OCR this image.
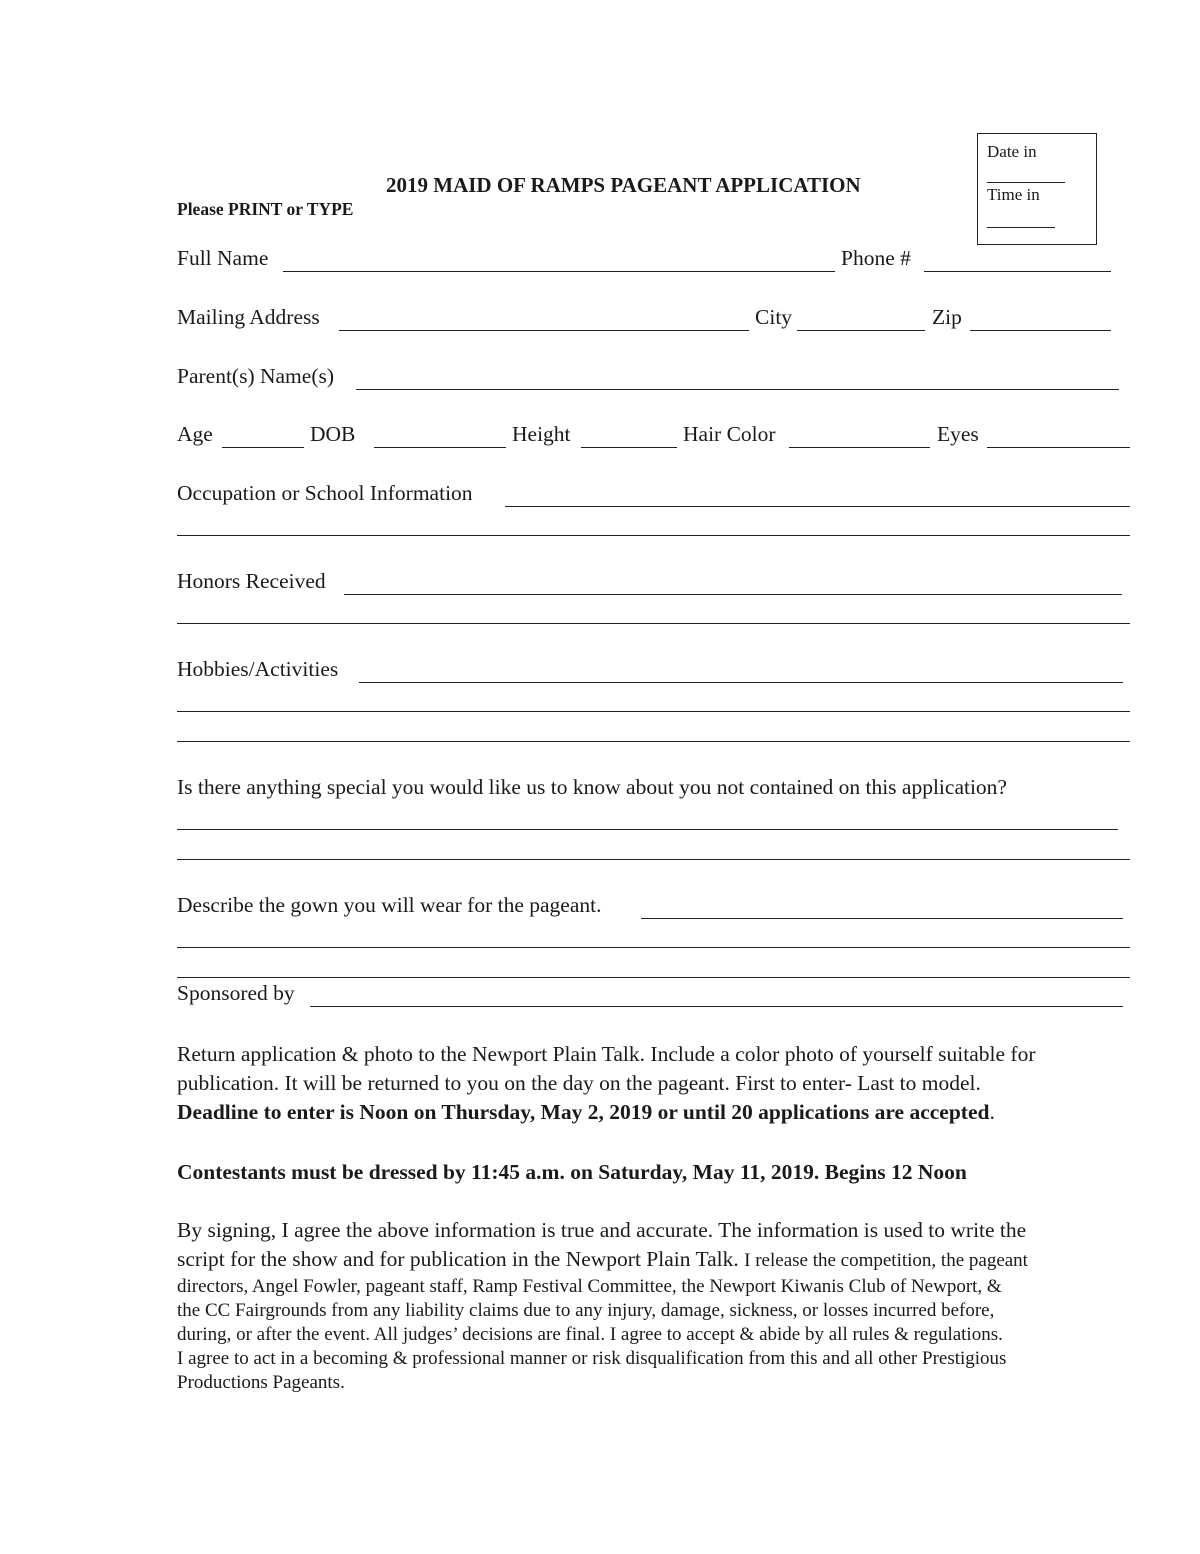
2019 MAID OF RAMPS PAGEANT APPLICATION
Please PRINT or TYPE
Date in
Time in
Full Name	Phone #
Mailing Address	City	Zip
Parent(s) Name(s)
Age	DOB	Height	Hair Color	Eyes
Occupation or School Information
Honors Received
Hobbies/Activities
Is there anything special you would like us to know about you not contained on this application?
Describe the gown you will wear for the pageant.
Sponsored by
Return application & photo to the Newport Plain Talk. Include a color photo of yourself suitable for
publication. It will be returned to you on the day on the pageant. First to enter- Last to model.
Deadline to enter is Noon on Thursday, May 2, 2019 or until 20 applications are accepted.
Contestants must be dressed by 11:45 a.m. on Saturday, May 11, 2019. Begins 12 Noon
By signing, I agree the above information is true and accurate. The information is used to write the
script for the show and for publication in the Newport Plain Talk. I release the competition, the pageant
directors, Angel Fowler, pageant staff, Ramp Festival Committee, the Newport Kiwanis Club of Newport, &
the CC Fairgrounds from any liability claims due to any injury, damage, sickness, or losses incurred before,
during, or after the event. All judges’ decisions are final. I agree to accept & abide by all rules & regulations.
I agree to act in a becoming & professional manner or risk disqualification from this and all other Prestigious
Productions Pageants.
